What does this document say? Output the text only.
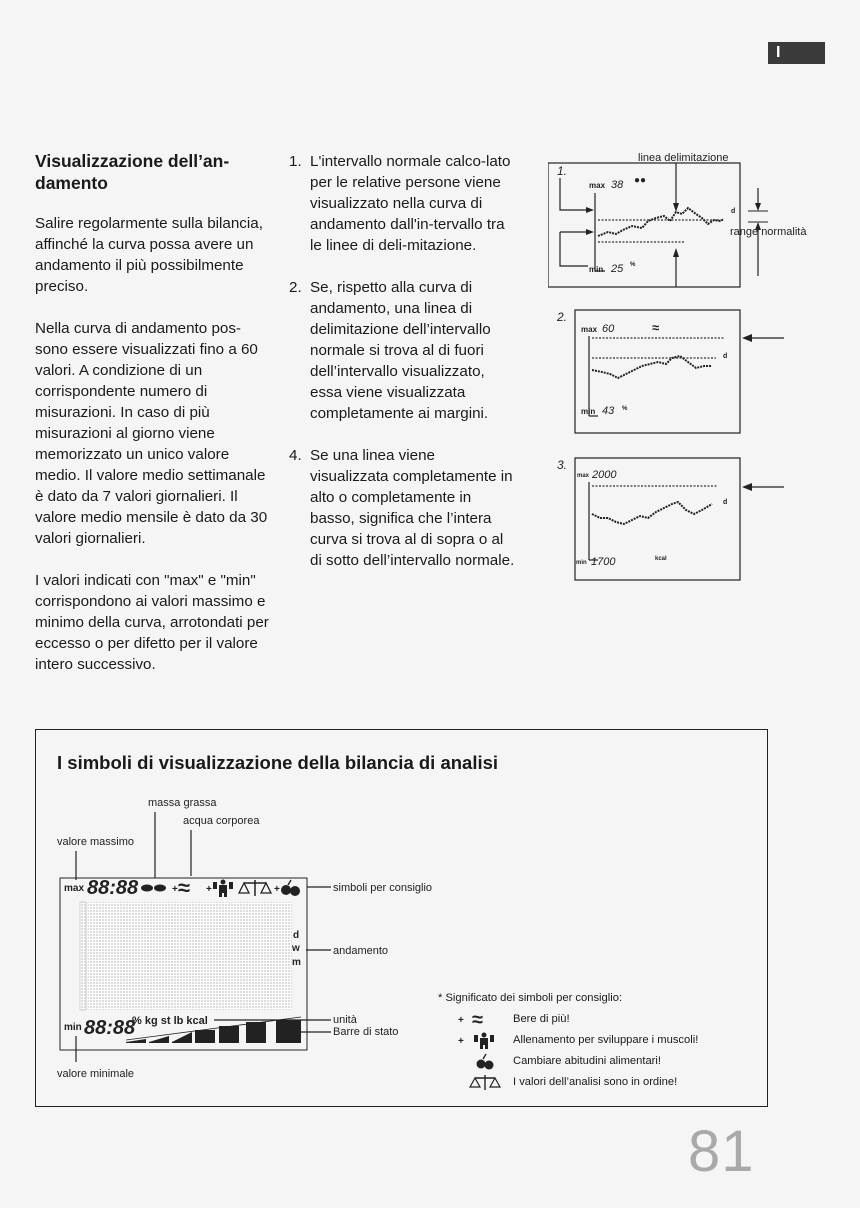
I
Visualizzazione dell’an-damento

Salire regolarmente sulla bilancia, affinché la curva possa avere un andamento il più possibilmente preciso.

Nella curva di andamento pos-sono essere visualizzati fino a 60 valori. A condizione di un corrispondente numero di misurazioni. In caso di più misurazioni al giorno viene memorizzato un unico valore medio. Il valore medio settimanale è dato da 7 valori giornalieri. Il valore medio mensile è dato da 30 valori giornalieri.

I valori indicati con "max" e "min" corrispondono ai valori massimo e minimo della curva, arrotondati per eccesso o per difetto per il valore intero successivo.

1. L'intervallo normale calco-lato per le relative persone viene visualizzato nella curva di andamento dall'in-tervallo tra le linee di deli-mitazione.
2. Se, rispetto alla curva di andamento, una linea di delimitazione dell’intervallo normale si trova al di fuori dell’intervallo visualizzato, essa viene visualizzata completamente ai margini.
4. Se una linea viene visualizzata completamente in alto o completamente in basso, significa che l’intera curva si trova al di sopra o al di sotto dell’intervallo normale.
1.
linea delimitazione
max 38 ●●
d
min 25 %
range normalità
2.
max 60	≈
d
min 43 %
3.
max 2000
d
min 1700	kcal
I simboli di visualizzazione della bilancia di analisi
massa grassa
acqua corporea
valore massimo
max 88:88	+ ≈ +	+	simboli per consiglio
d
w
m
andamento
min 88:88
% kg st lb kcal	unità
Barre di stato
valore minimale
* Significato dei simboli per consiglio:
+ ≈	Bere di più!
+	Allenamento per sviluppare i muscoli!
Cambiare abitudini alimentari!
I valori dell’analisi sono in ordine!
81
